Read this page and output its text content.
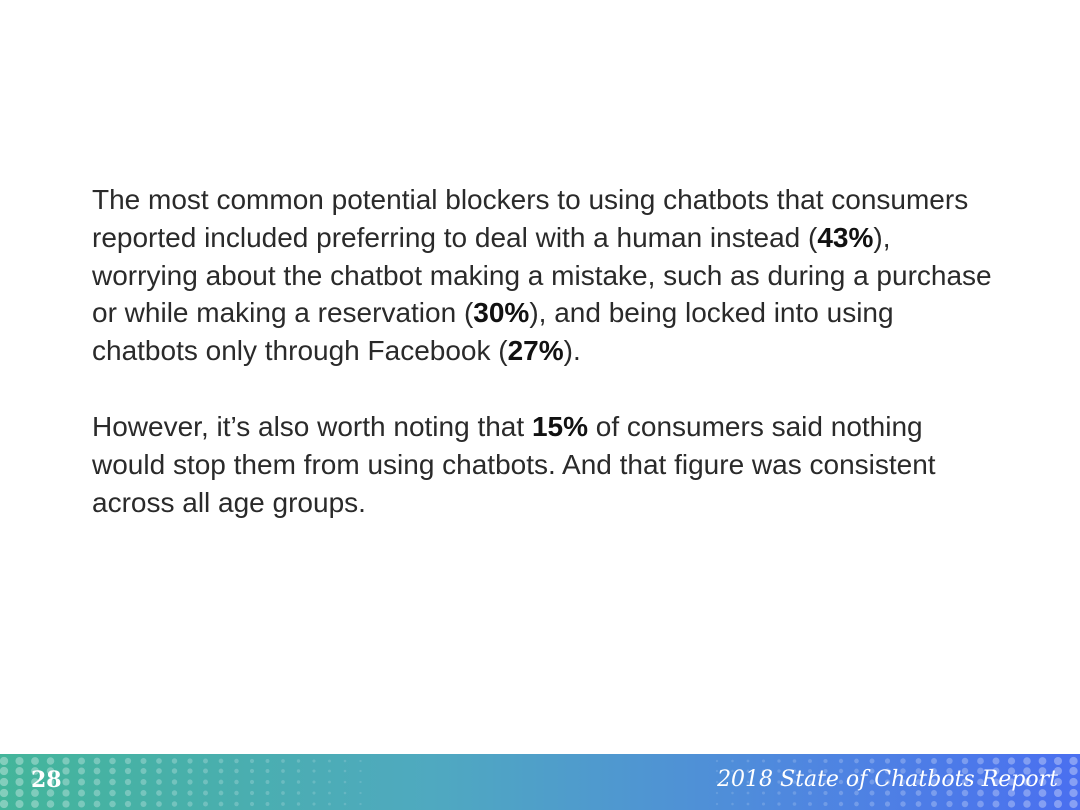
The most common potential blockers to using chatbots that consumers reported included preferring to deal with a human instead (43%), worrying about the chatbot making a mistake, such as during a purchase or while making a reservation (30%), and being locked into using chatbots only through Facebook (27%).

However, it’s also worth noting that 15% of consumers said nothing would stop them from using chatbots. And that figure was consistent across all age groups.

28	2018 State of Chatbots Report
